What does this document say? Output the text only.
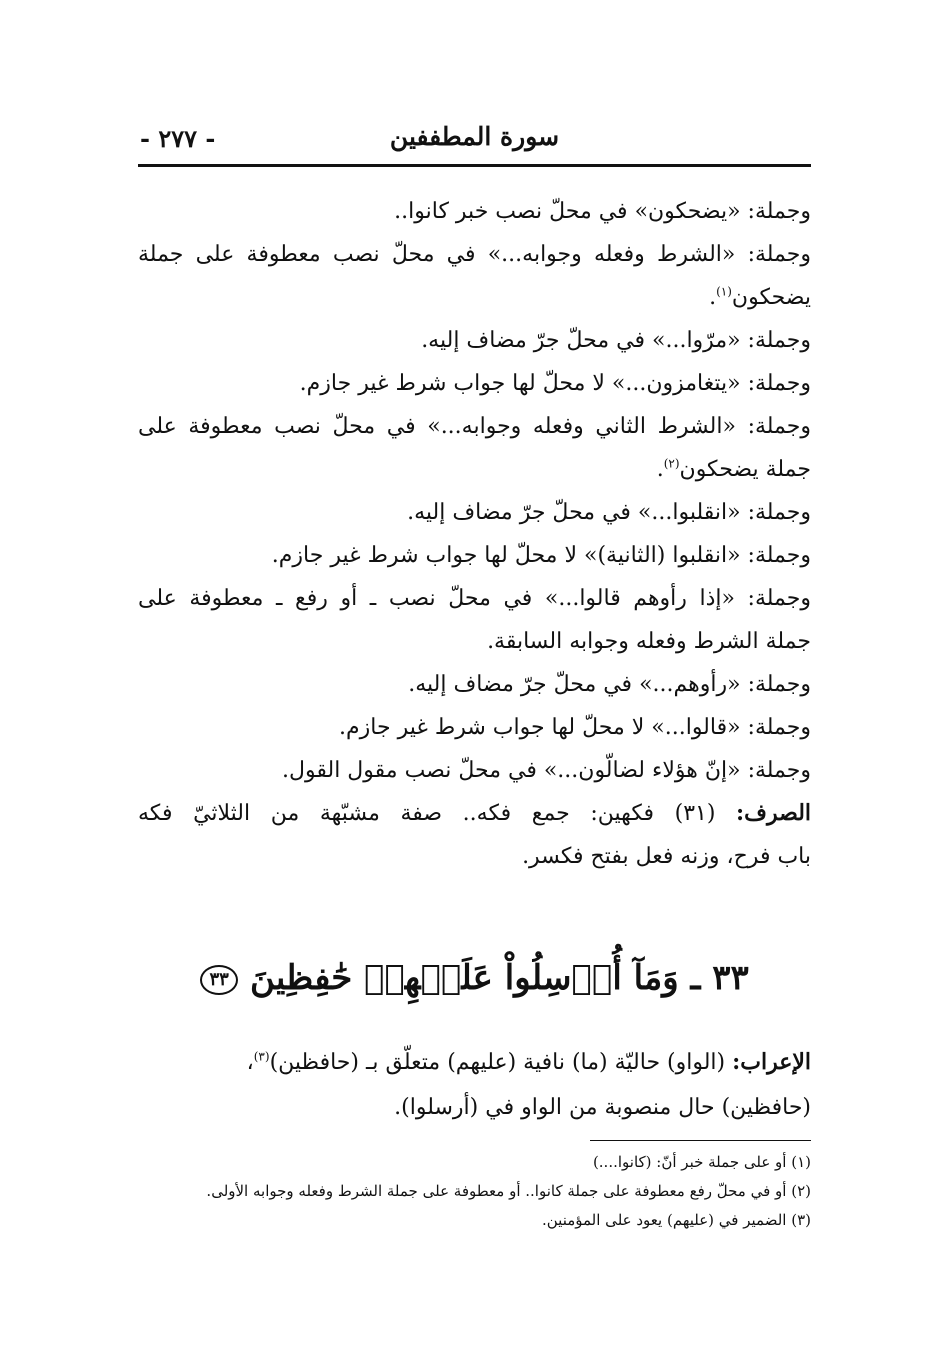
سورة المطففين
- ٢٧٧ -
وجملة: «يضحكون» في محلّ نصب خبر كانوا..
وجملة: «الشرط وفعله وجوابه...» في محلّ نصب معطوفة على جملة
يضحكون$^{(١)}$.
وجملة: «مرّوا...» في محلّ جرّ مضاف إليه.
وجملة: «يتغامزون...» لا محلّ لها جواب شرط غير جازم.
وجملة: «الشرط الثاني وفعله وجوابه...» في محلّ نصب معطوفة على
جملة يضحكون$^{(٢)}$.
وجملة: «انقلبوا...» في محلّ جرّ مضاف إليه.
وجملة: «انقلبوا (الثانية)» لا محلّ لها جواب شرط غير جازم.
وجملة: «إذا رأوهم قالوا...» في محلّ نصب ـ أو رفع ـ معطوفة على
جملة الشرط وفعله وجوابه السابقة.
وجملة: «رأوهم...» في محلّ جرّ مضاف إليه.
وجملة: «قالوا...» لا محلّ لها جواب شرط غير جازم.
وجملة: «إنّ هؤلاء لضالّون...» في محلّ نصب مقول القول.
الصرف: (٣١) فكهين: جمع فكه.. صفة مشبّهة من الثلاثيّ فكه
باب فرح، وزنه فعل بفتح فكسر.
٣٣ ـ وَمَآ أُرۡسِلُواْ عَلَيۡهِمۡ حَٰفِظِينَ ٣٣
الإعراب: (الواو) حاليّة (ما) نافية (عليهم) متعلّق بـ (حافظين)$^{(٣)}$،
(حافظين) حال منصوبة من الواو في (أرسلوا).
(١) أو على جملة خبر أنّ: (كانوا....)
(٢) أو في محلّ رفع معطوفة على جملة كانوا.. أو معطوفة على جملة الشرط وفعله وجوابه الأولى.
(٣) الضمير في (عليهم) يعود على المؤمنين.
